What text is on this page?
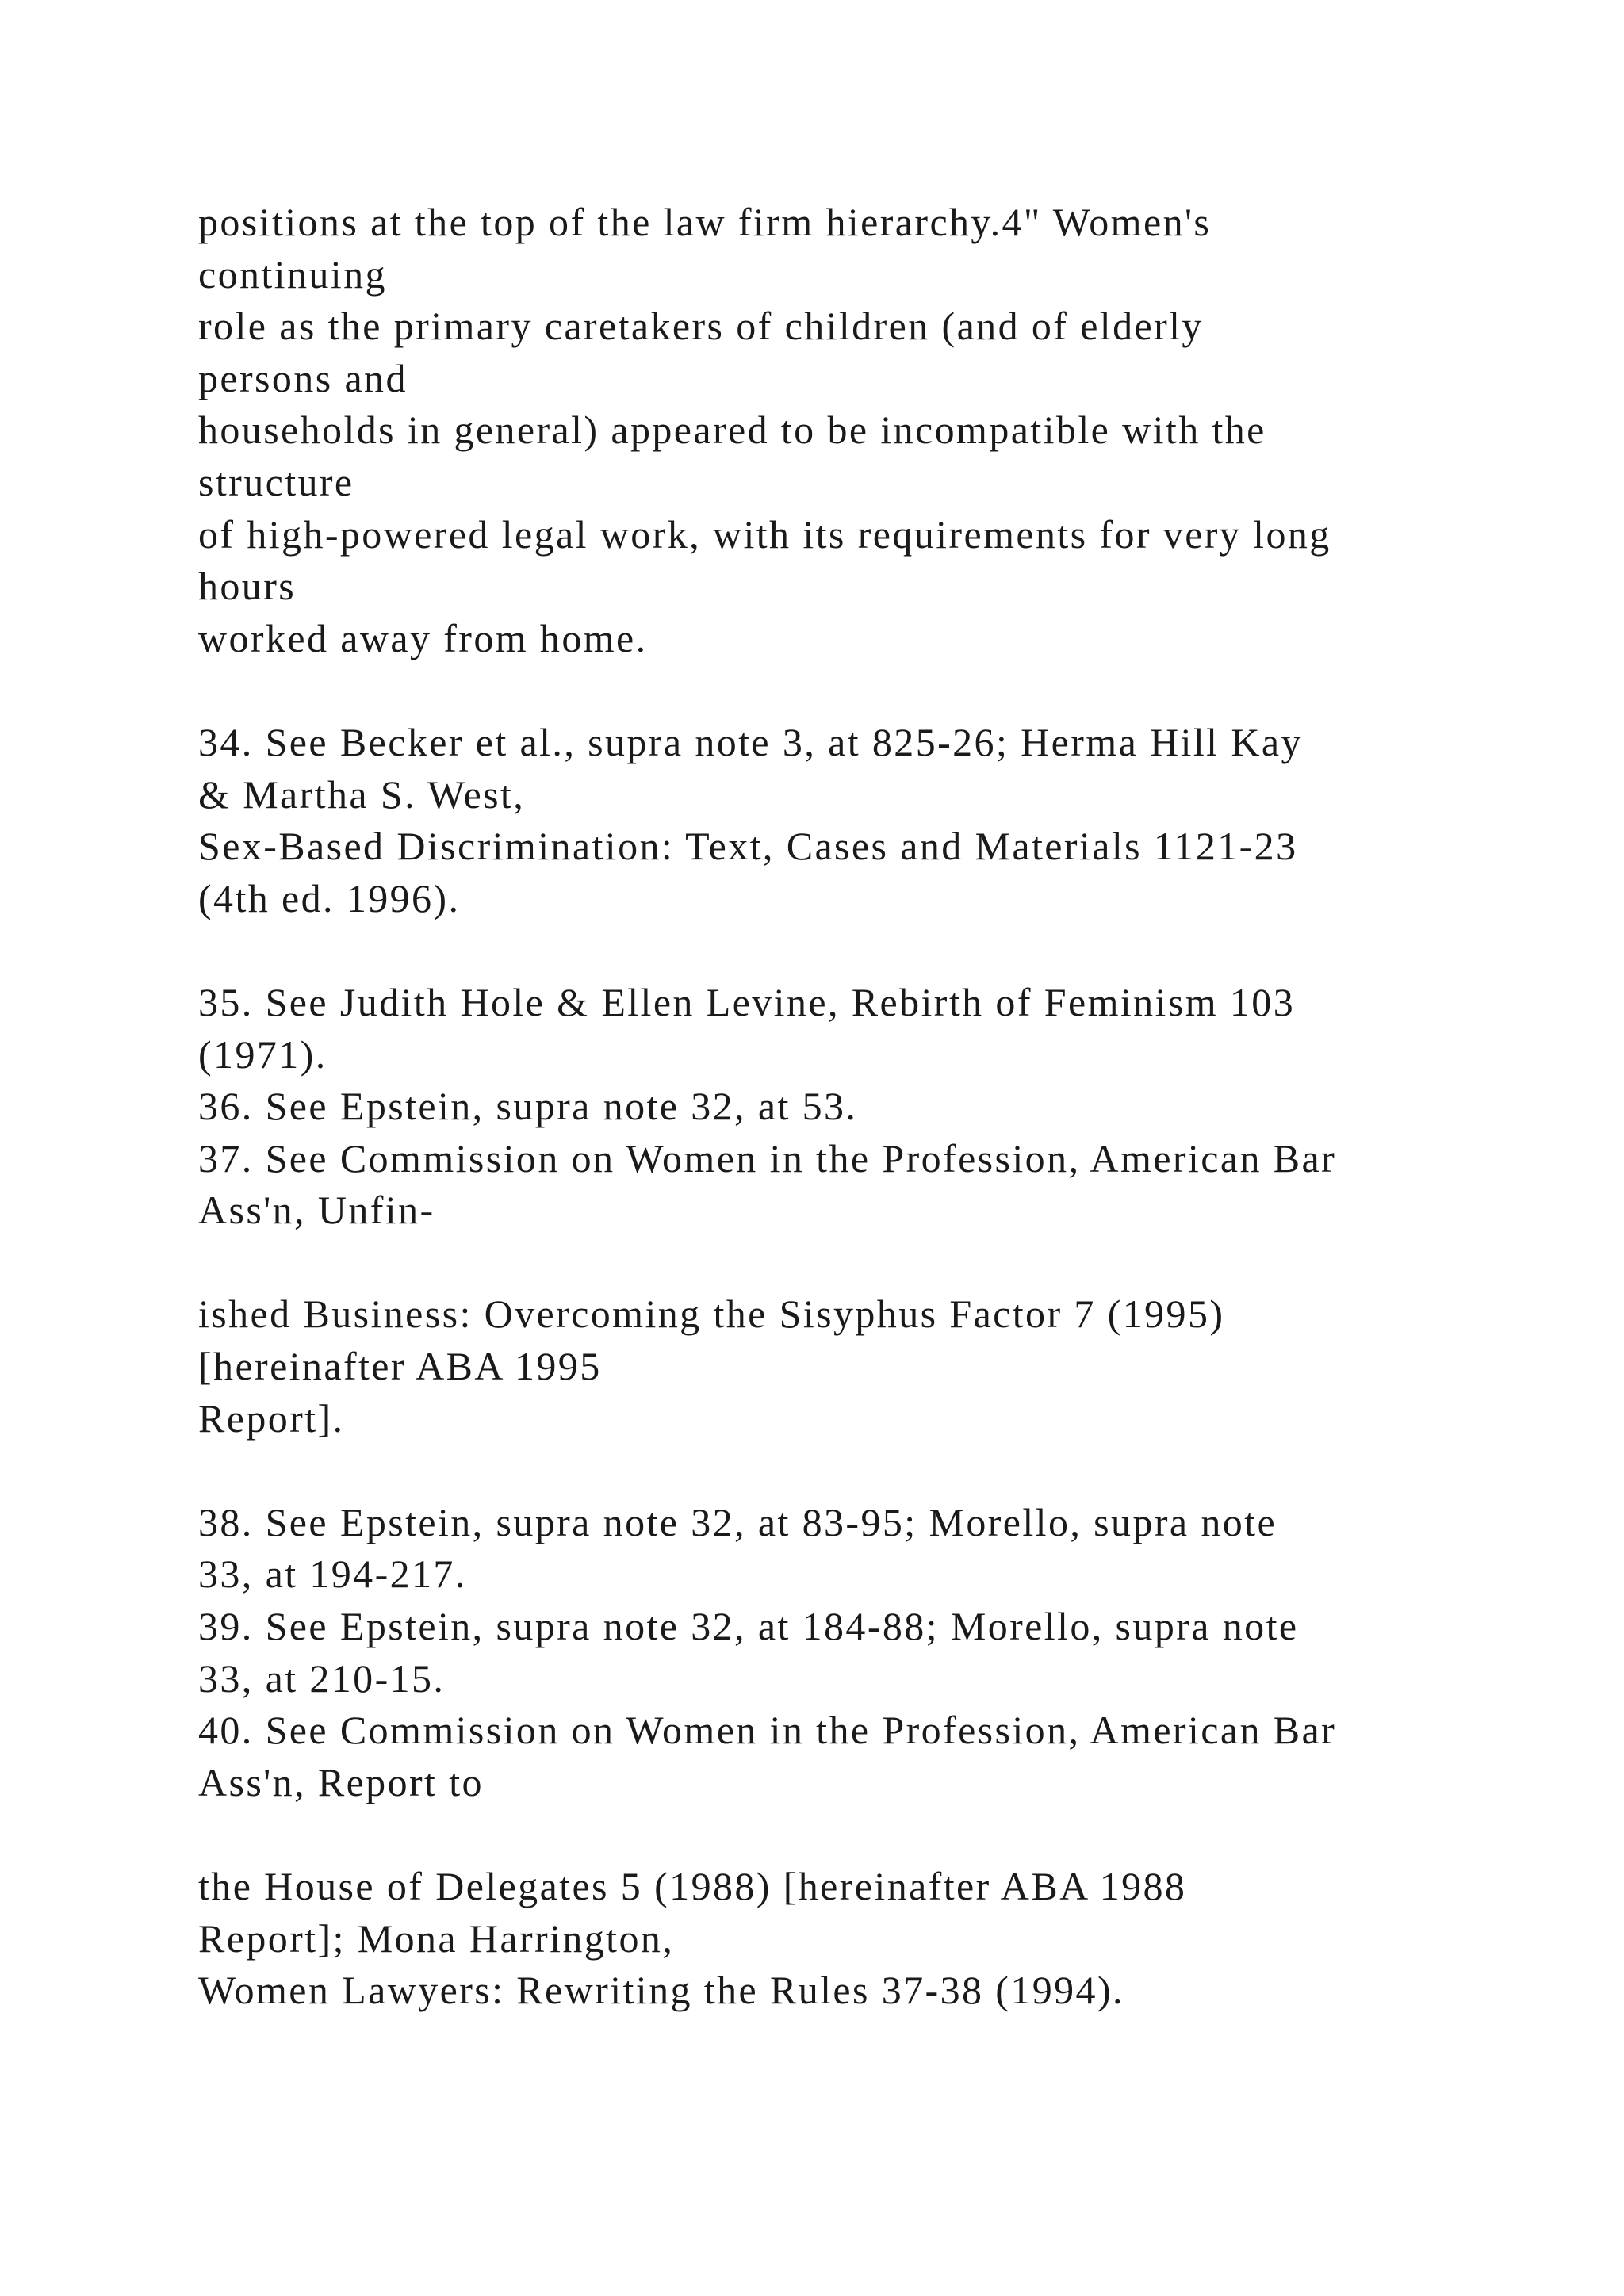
positions at the top of the law firm hierarchy.4" Women's
continuing
role as the primary caretakers of children (and of elderly
persons and
households in general) appeared to be incompatible with the
structure
of high-powered legal work, with its requirements for very long
hours
worked away from home.
34. See Becker et al., supra note 3, at 825-26; Herma Hill Kay
& Martha S. West,
Sex-Based Discrimination: Text, Cases and Materials 1121-23
(4th ed. 1996).
35. See Judith Hole & Ellen Levine, Rebirth of Feminism 103
(1971).
36. See Epstein, supra note 32, at 53.
37. See Commission on Women in the Profession, American Bar
Ass'n, Unfin-
ished Business: Overcoming the Sisyphus Factor 7 (1995)
[hereinafter ABA 1995
Report].
38. See Epstein, supra note 32, at 83-95; Morello, supra note
33, at 194-217.
39. See Epstein, supra note 32, at 184-88; Morello, supra note
33, at 210-15.
40. See Commission on Women in the Profession, American Bar
Ass'n, Report to
the House of Delegates 5 (1988) [hereinafter ABA 1988
Report]; Mona Harrington,
Women Lawyers: Rewriting the Rules 37-38 (1994).
